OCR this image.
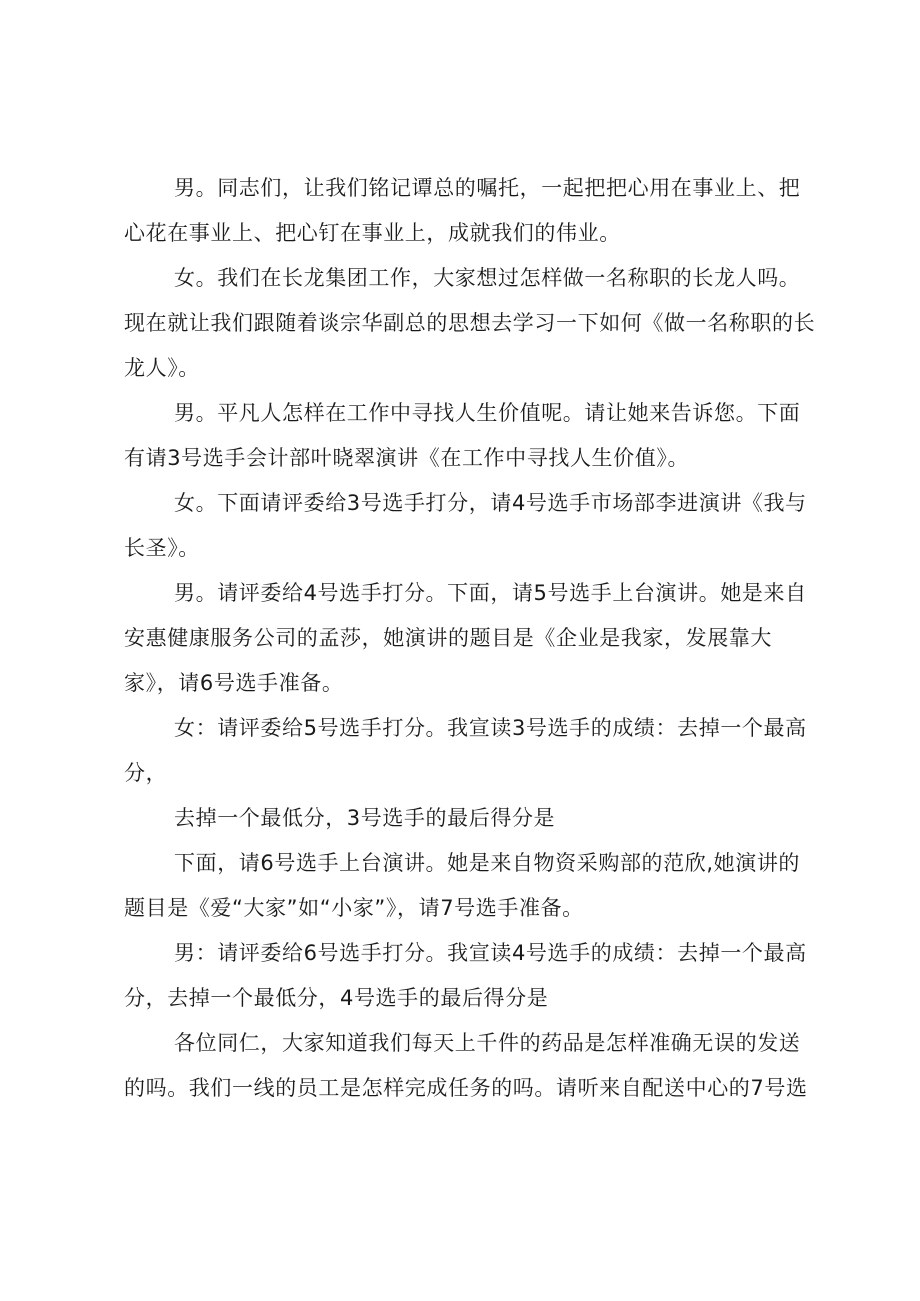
男。同志们，让我们铭记谭总的嘱托，一起把把心用在事业上、把
心花在事业上、把心钉在事业上，成就我们的伟业。

女。我们在长龙集团工作，大家想过怎样做一名称职的长龙人吗。
现在就让我们跟随着谈宗华副总的思想去学习一下如何《做一名称职的长
龙人》。

男。平凡人怎样在工作中寻找人生价值呢。请让她来告诉您。下面
有请3号选手会计部叶晓翠演讲《在工作中寻找人生价值》。

女。下面请评委给3号选手打分，请4号选手市场部李进演讲《我与
长圣》。

男。请评委给4号选手打分。下面，请5号选手上台演讲。她是来自
安惠健康服务公司的孟莎，她演讲的题目是《企业是我家，发展靠大
家》，请6号选手准备。

女：请评委给5号选手打分。我宣读3号选手的成绩：去掉一个最高
分，

去掉一个最低分，3号选手的最后得分是

下面，请6号选手上台演讲。她是来自物资采购部的范欣,她演讲的
题目是《爱“大家”如“小家”》，请7号选手准备。

男：请评委给6号选手打分。我宣读4号选手的成绩：去掉一个最高
分，去掉一个最低分，4号选手的最后得分是

各位同仁，大家知道我们每天上千件的药品是怎样准确无误的发送
的吗。我们一线的员工是怎样完成任务的吗。请听来自配送中心的7号选
